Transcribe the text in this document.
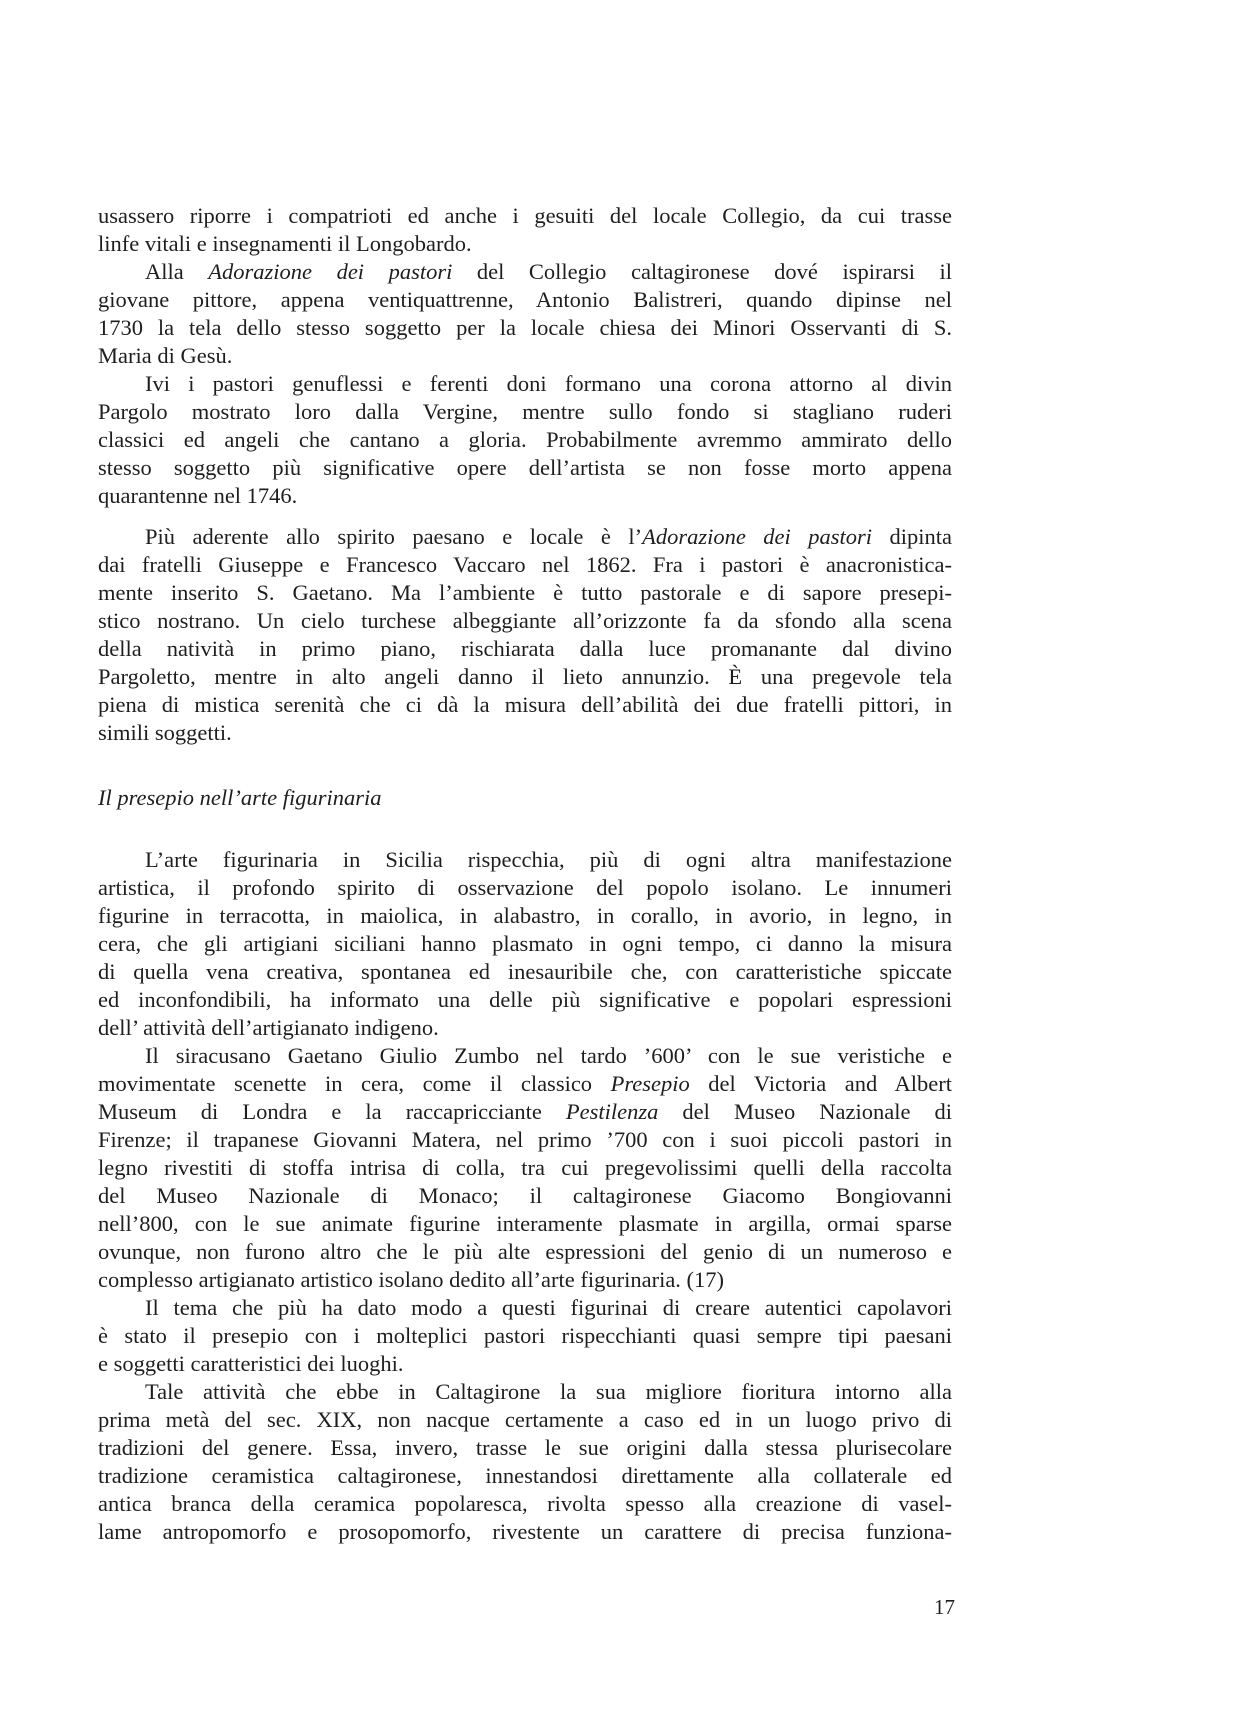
usassero riporre i compatrioti ed anche i gesuiti del locale Collegio, da cui trasse
linfe vitali e insegnamenti il Longobardo.
Alla Adorazione dei pastori del Collegio caltagironese dové ispirarsi il
giovane pittore, appena ventiquattrenne, Antonio Balistreri, quando dipinse nel
1730 la tela dello stesso soggetto per la locale chiesa dei Minori Osservanti di S.
Maria di Gesù.
Ivi i pastori genuflessi e ferenti doni formano una corona attorno al divin
Pargolo mostrato loro dalla Vergine, mentre sullo fondo si stagliano ruderi
classici ed angeli che cantano a gloria. Probabilmente avremmo ammirato dello
stesso soggetto più significative opere dell’artista se non fosse morto appena
quarantenne nel 1746.
Più aderente allo spirito paesano e locale è l’Adorazione dei pastori dipinta
dai fratelli Giuseppe e Francesco Vaccaro nel 1862. Fra i pastori è anacronistica-
mente inserito S. Gaetano. Ma l’ambiente è tutto pastorale e di sapore presepi-
stico nostrano. Un cielo turchese albeggiante all’orizzonte fa da sfondo alla scena
della natività in primo piano, rischiarata dalla luce promanante dal divino
Pargoletto, mentre in alto angeli danno il lieto annunzio. È una pregevole tela
piena di mistica serenità che ci dà la misura dell’abilità dei due fratelli pittori, in
simili soggetti.
Il presepio nell’arte figurinaria
L’arte figurinaria in Sicilia rispecchia, più di ogni altra manifestazione
artistica, il profondo spirito di osservazione del popolo isolano. Le innumeri
figurine in terracotta, in maiolica, in alabastro, in corallo, in avorio, in legno, in
cera, che gli artigiani siciliani hanno plasmato in ogni tempo, ci danno la misura
di quella vena creativa, spontanea ed inesauribile che, con caratteristiche spiccate
ed inconfondibili, ha informato una delle più significative e popolari espressioni
dell’ attività dell’artigianato indigeno.
Il siracusano Gaetano Giulio Zumbo nel tardo ’600’ con le sue veristiche e
movimentate scenette in cera, come il classico Presepio del Victoria and Albert
Museum di Londra e la raccapricciante Pestilenza del Museo Nazionale di
Firenze; il trapanese Giovanni Matera, nel primo ’700 con i suoi piccoli pastori in
legno rivestiti di stoffa intrisa di colla, tra cui pregevolissimi quelli della raccolta
del Museo Nazionale di Monaco; il caltagironese Giacomo Bongiovanni
nell’800, con le sue animate figurine interamente plasmate in argilla, ormai sparse
ovunque, non furono altro che le più alte espressioni del genio di un numeroso e
complesso artigianato artistico isolano dedito all’arte figurinaria. (17)
Il tema che più ha dato modo a questi figurinai di creare autentici capolavori
è stato il presepio con i molteplici pastori rispecchianti quasi sempre tipi paesani
e soggetti caratteristici dei luoghi.
Tale attività che ebbe in Caltagirone la sua migliore fioritura intorno alla
prima metà del sec. XIX, non nacque certamente a caso ed in un luogo privo di
tradizioni del genere. Essa, invero, trasse le sue origini dalla stessa plurisecolare
tradizione ceramistica caltagironese, innestandosi direttamente alla collaterale ed
antica branca della ceramica popolaresca, rivolta spesso alla creazione di vasel-
lame antropomorfo e prosopomorfo, rivestente un carattere di precisa funziona-
17
